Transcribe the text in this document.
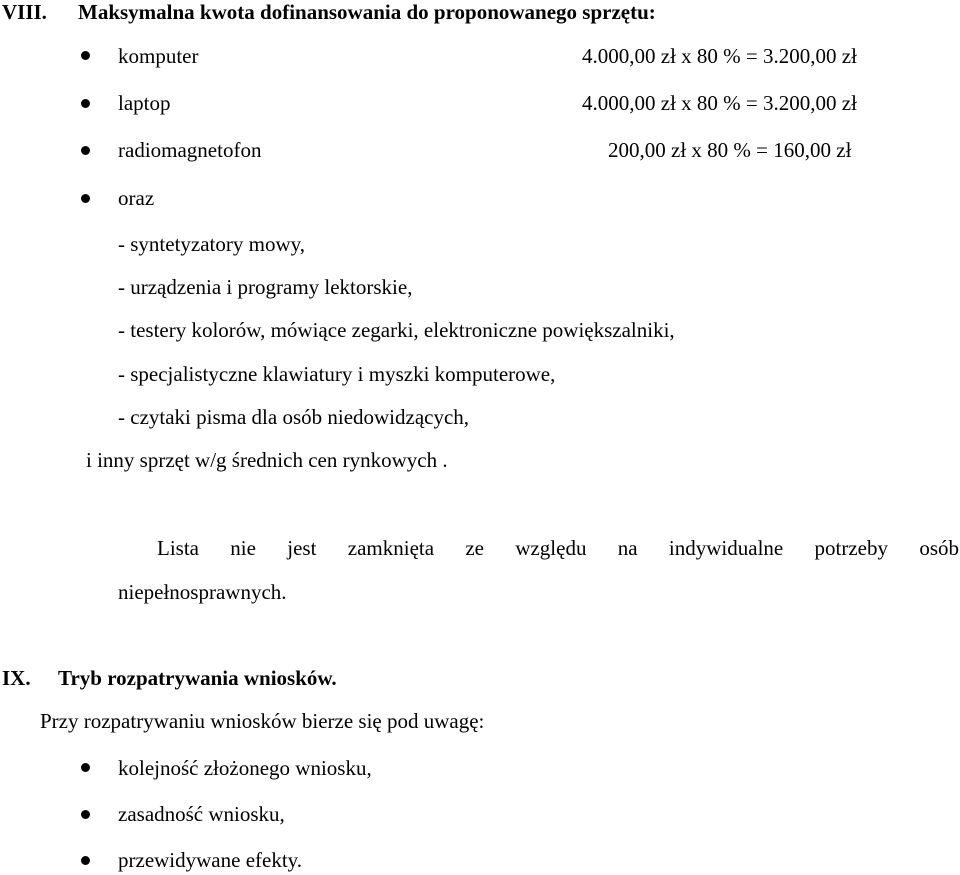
VIII. Maksymalna kwota dofinansowania do proponowanego sprzętu:
komputer	4.000,00 zł x 80 % = 3.200,00 zł
laptop	4.000,00 zł x 80 % = 3.200,00 zł
radiomagnetofon	200,00 zł x 80 % = 160,00 zł
oraz
- syntetyzatory mowy,
- urządzenia i programy lektorskie,
- testery kolorów, mówiące zegarki, elektroniczne powiększalniki,
- specjalistyczne klawiatury i myszki komputerowe,
- czytaki pisma dla osób niedowidzących,
i inny sprzęt w/g średnich cen rynkowych .
Lista nie jest zamknięta ze względu na indywidualne potrzeby osób
niepełnosprawnych.
IX. Tryb rozpatrywania wniosków.
Przy rozpatrywaniu wniosków bierze się pod uwagę:
kolejność złożonego wniosku,
zasadność wniosku,
przewidywane efekty.
